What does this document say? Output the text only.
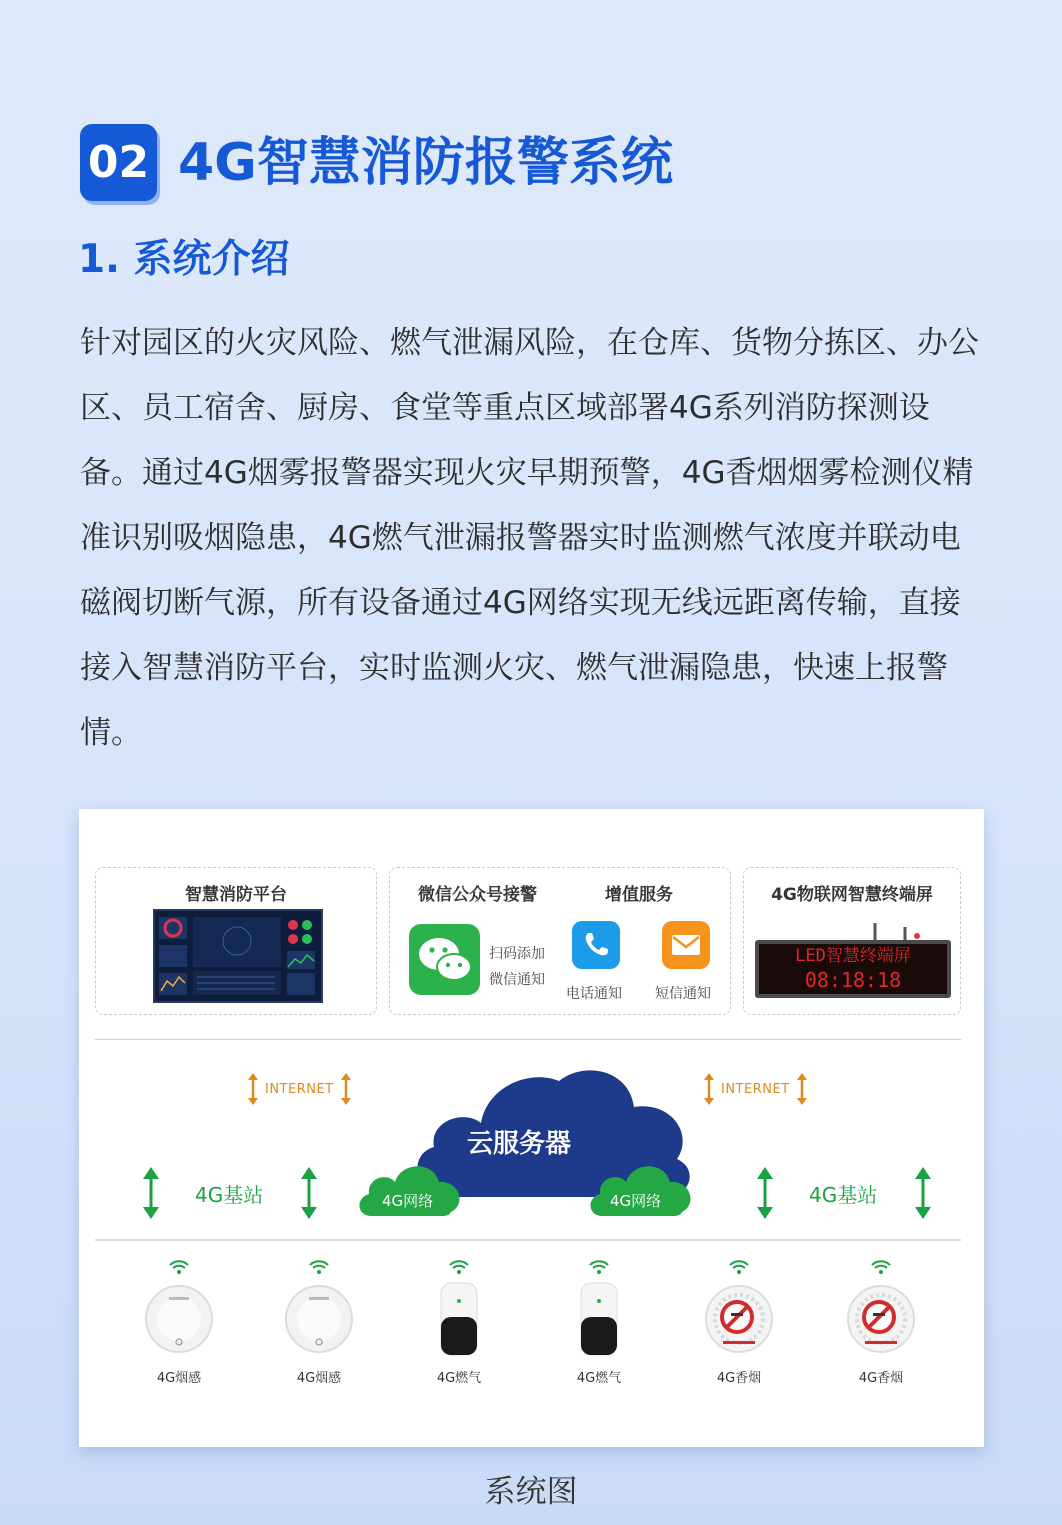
02 4G智慧消防报警系统
1. 系统介绍

针对园区的火灾风险、燃气泄漏风险，在仓库、货物分拣区、办公区、员工宿舍、厨房、食堂等重点区域部署4G系列消防探测设备。通过4G烟雾报警器实现火灾早期预警，4G香烟烟雾检测仪精准识别吸烟隐患，4G燃气泄漏报警器实时监测燃气浓度并联动电磁阀切断气源，所有设备通过4G网络实现无线远距离传输，直接接入智慧消防平台，实时监测火灾、燃气泄漏隐患，快速上报警情。

智慧消防平台	微信公众号接警	增值服务
扫码添加
微信通知
电话通知 短信通知
4G物联网智慧终端屏
LED智慧终端屏
08:18:18
INTERNET	INTERNET
云服务器
4G网络	4G网络
4G基站	4G基站
4G烟感	4G烟感	4G燃气	4G燃气	4G香烟	4G香烟
系统图
